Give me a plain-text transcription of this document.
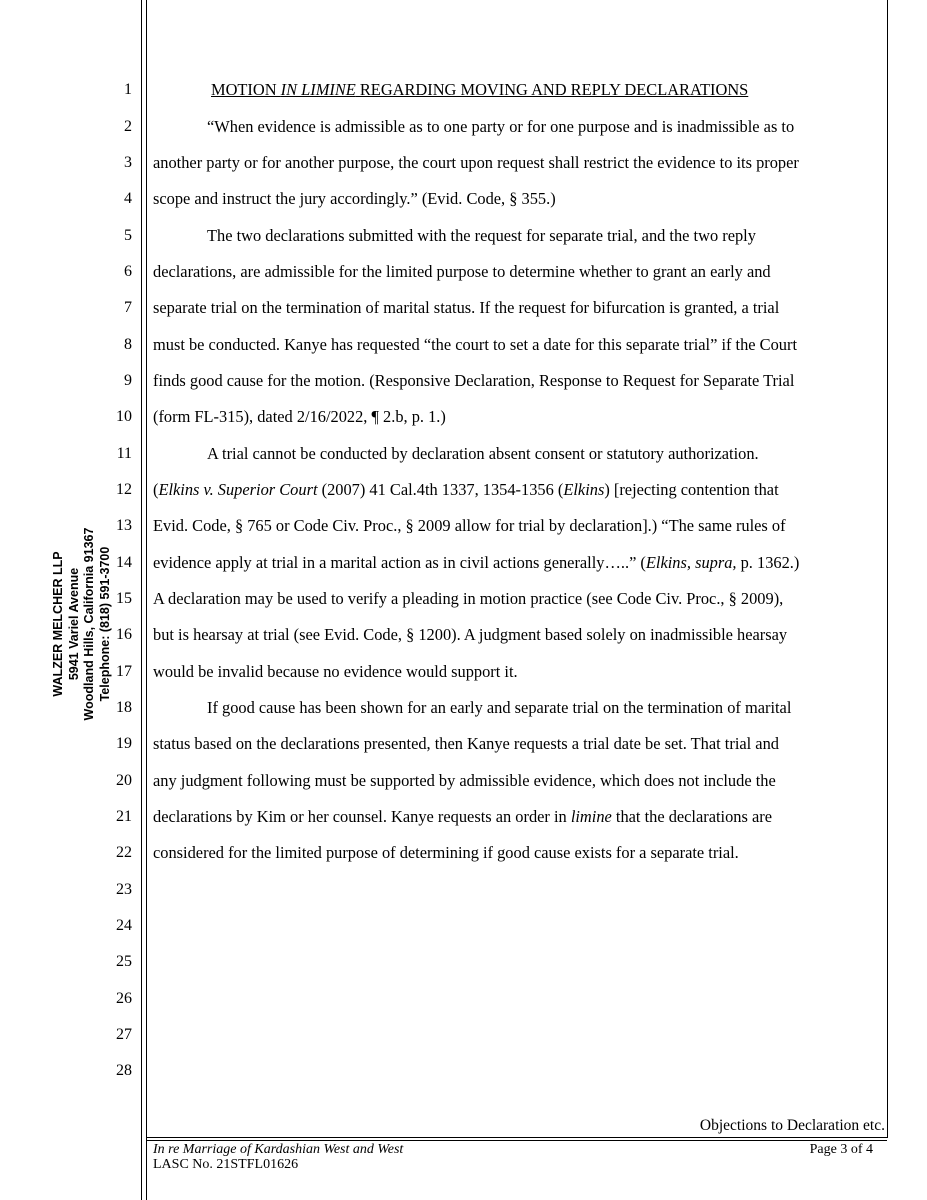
WALZER MELCHER LLP 5941 Variel Avenue Woodland Hills, California 91367 Telephone: (818) 591-3700
1
2
3
4
5
6
7
8
9
10
11
12
13
14
15
16
17
18
19
20
21
22
23
24
25
26
27
28
MOTION IN LIMINE REGARDING MOVING AND REPLY DECLARATIONS
“When evidence is admissible as to one party or for one purpose and is inadmissible as to
another party or for another purpose, the court upon request shall restrict the evidence to its proper
scope and instruct the jury accordingly.” (Evid. Code, § 355.)
The two declarations submitted with the request for separate trial, and the two reply
declarations, are admissible for the limited purpose to determine whether to grant an early and
separate trial on the termination of marital status. If the request for bifurcation is granted, a trial
must be conducted. Kanye has requested “the court to set a date for this separate trial” if the Court
finds good cause for the motion. (Responsive Declaration, Response to Request for Separate Trial
(form FL-315), dated 2/16/2022, ¶ 2.b, p. 1.)
A trial cannot be conducted by declaration absent consent or statutory authorization.
(Elkins v. Superior Court (2007) 41 Cal.4th 1337, 1354-1356 (Elkins) [rejecting contention that
Evid. Code, § 765 or Code Civ. Proc., § 2009 allow for trial by declaration].) “The same rules of
evidence apply at trial in a marital action as in civil actions generally…..” (Elkins, supra, p. 1362.)
A declaration may be used to verify a pleading in motion practice (see Code Civ. Proc., § 2009),
but is hearsay at trial (see Evid. Code, § 1200). A judgment based solely on inadmissible hearsay
would be invalid because no evidence would support it.
If good cause has been shown for an early and separate trial on the termination of marital
status based on the declarations presented, then Kanye requests a trial date be set. That trial and
any judgment following must be supported by admissible evidence, which does not include the
declarations by Kim or her counsel. Kanye requests an order in limine that the declarations are
considered for the limited purpose of determining if good cause exists for a separate trial.
Objections to Declaration etc.
In re Marriage of Kardashian West and West
LASC No. 21STFL01626
Page 3 of 4
